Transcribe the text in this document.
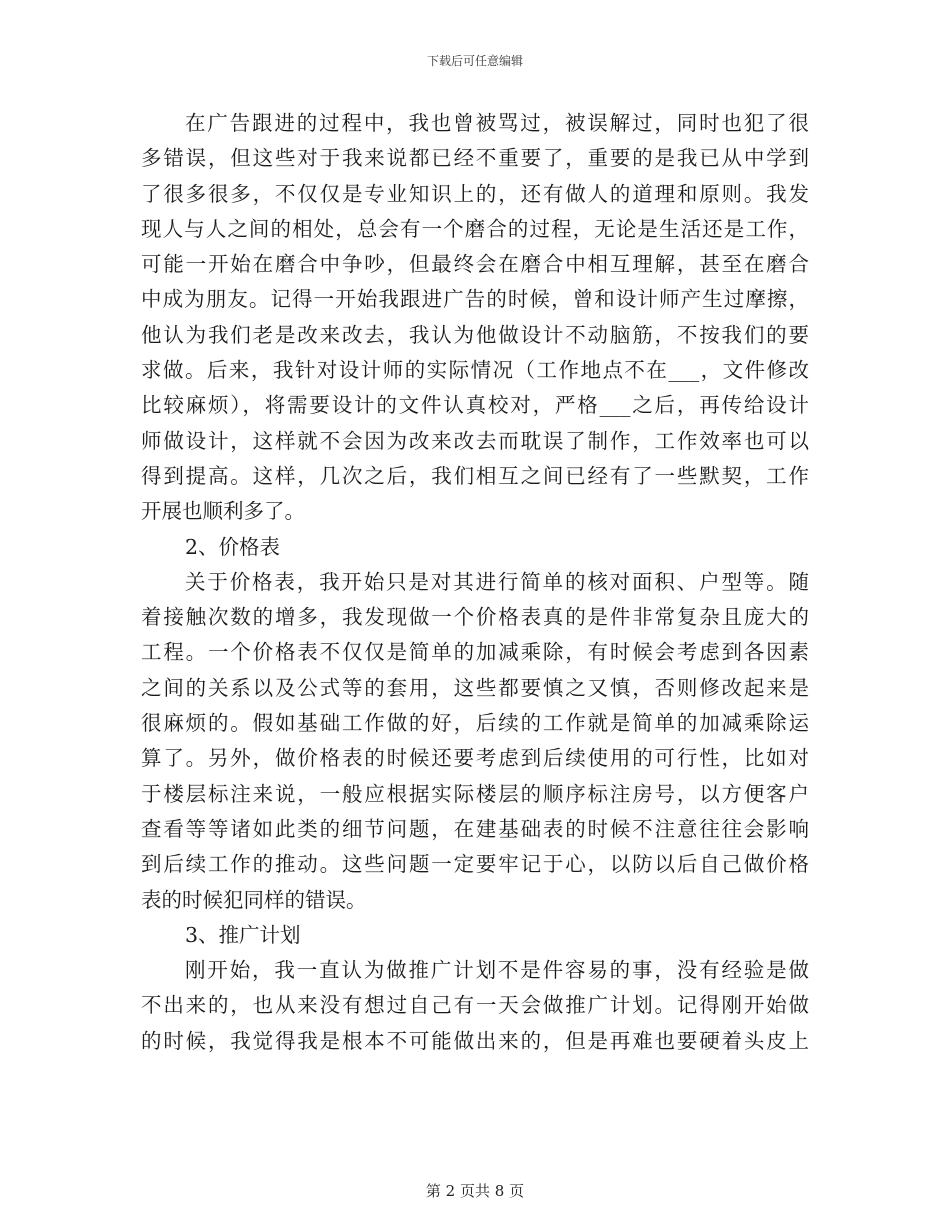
下载后可任意编辑
在广告跟进的过程中，我也曾被骂过，被误解过，同时也犯了很
多错误，但这些对于我来说都已经不重要了，重要的是我已从中学到
了很多很多，不仅仅是专业知识上的，还有做人的道理和原则。我发
现人与人之间的相处，总会有一个磨合的过程，无论是生活还是工作，
可能一开始在磨合中争吵，但最终会在磨合中相互理解，甚至在磨合
中成为朋友。记得一开始我跟进广告的时候，曾和设计师产生过摩擦，
他认为我们老是改来改去，我认为他做设计不动脑筋，不按我们的要
求做。后来，我针对设计师的实际情况（工作地点不在___，文件修改
比较麻烦），将需要设计的文件认真校对，严格___之后，再传给设计
师做设计，这样就不会因为改来改去而耽误了制作，工作效率也可以
得到提高。这样，几次之后，我们相互之间已经有了一些默契，工作
开展也顺利多了。
2、价格表
关于价格表，我开始只是对其进行简单的核对面积、户型等。随
着接触次数的增多，我发现做一个价格表真的是件非常复杂且庞大的
工程。一个价格表不仅仅是简单的加减乘除，有时候会考虑到各因素
之间的关系以及公式等的套用，这些都要慎之又慎，否则修改起来是
很麻烦的。假如基础工作做的好，后续的工作就是简单的加减乘除运
算了。另外，做价格表的时候还要考虑到后续使用的可行性，比如对
于楼层标注来说，一般应根据实际楼层的顺序标注房号，以方便客户
查看等等诸如此类的细节问题，在建基础表的时候不注意往往会影响
到后续工作的推动。这些问题一定要牢记于心，以防以后自己做价格
表的时候犯同样的错误。
3、推广计划
刚开始，我一直认为做推广计划不是件容易的事，没有经验是做
不出来的，也从来没有想过自己有一天会做推广计划。记得刚开始做
的时候，我觉得我是根本不可能做出来的，但是再难也要硬着头皮上
第 2 页共 8 页
